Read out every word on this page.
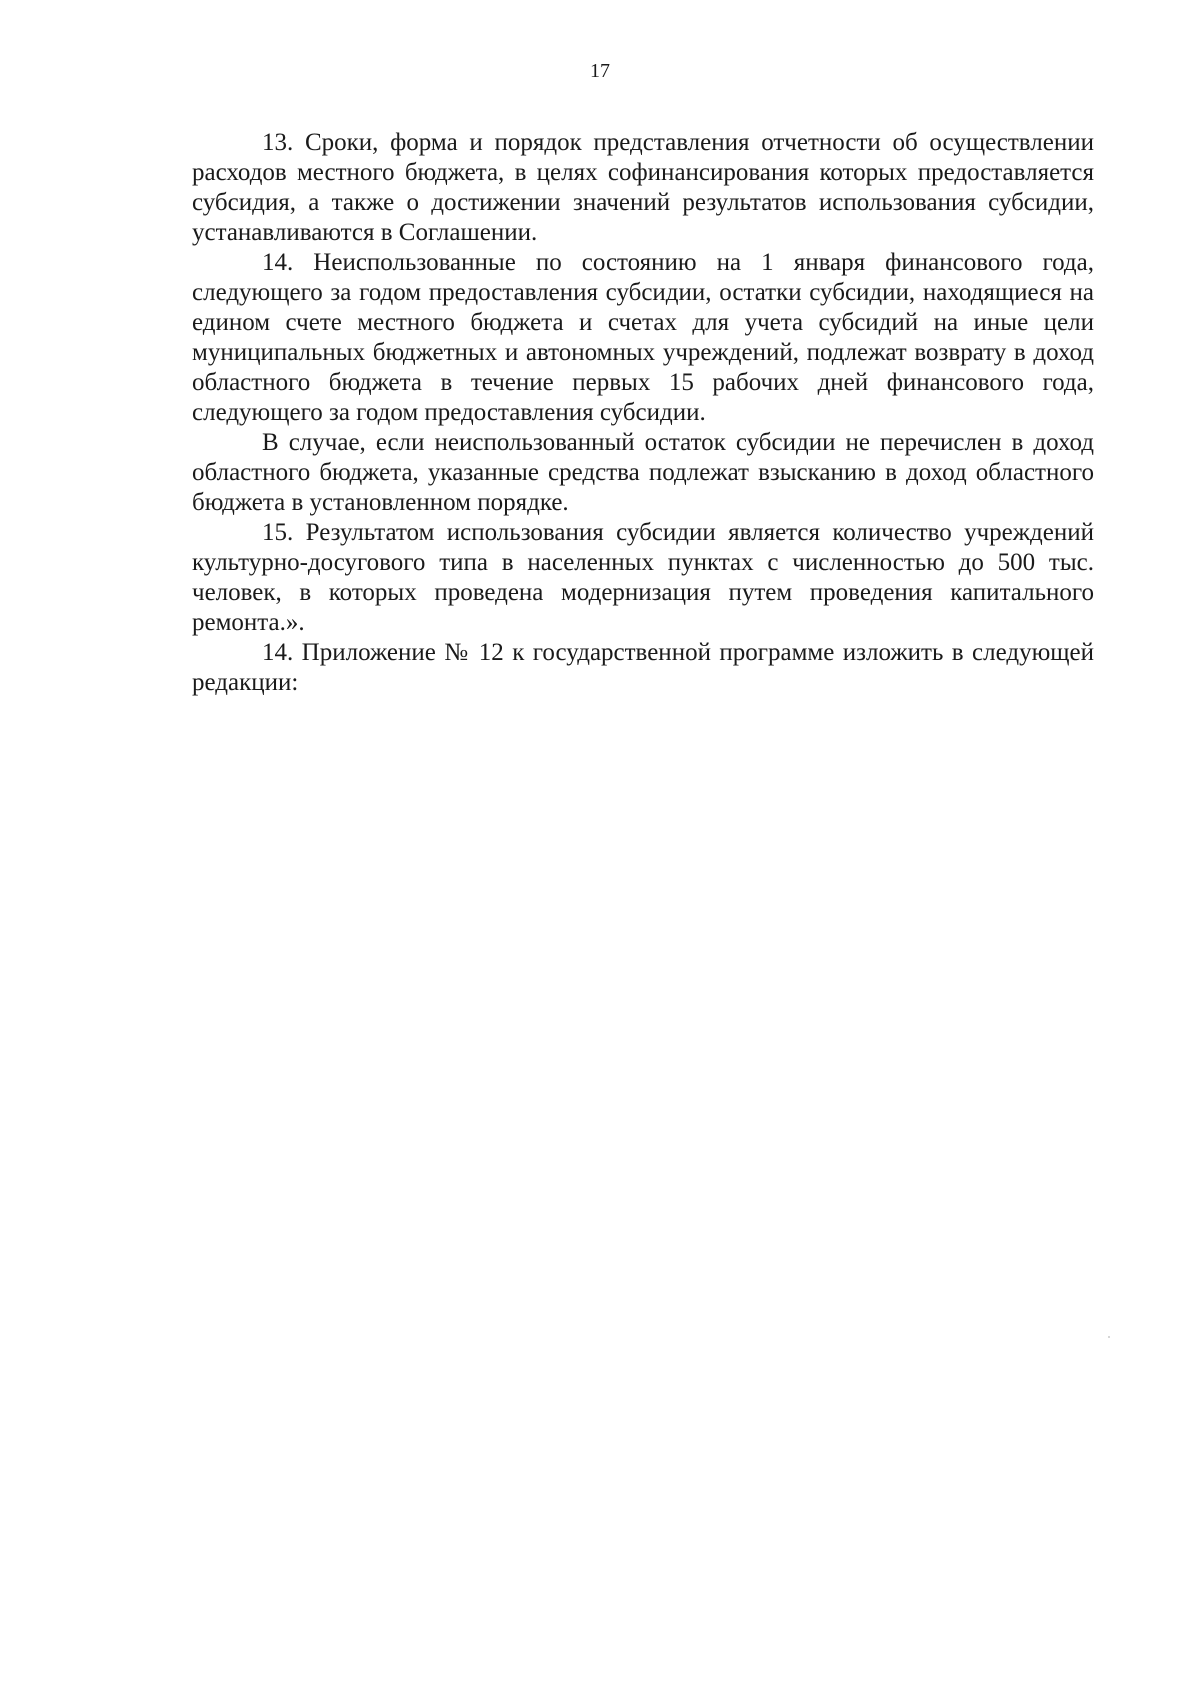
17

13. Сроки, форма и порядок представления отчетности об осуществлении расходов местного бюджета, в целях софинансирования которых предоставляется субсидия, а также о достижении значений результатов использования субсидии, устанавливаются в Соглашении.

14. Неиспользованные по состоянию на 1 января финансового года, следующего за годом предоставления субсидии, остатки субсидии, находящиеся на едином счете местного бюджета и счетах для учета субсидий на иные цели муниципальных бюджетных и автономных учреждений, подлежат возврату в доход областного бюджета в течение первых 15 рабочих дней финансового года, следующего за годом предоставления субсидии.

В случае, если неиспользованный остаток субсидии не перечислен в доход областного бюджета, указанные средства подлежат взысканию в доход областного бюджета в установленном порядке.

15. Результатом использования субсидии является количество учреждений культурно-досугового типа в населенных пунктах с численностью до 500 тыс. человек, в которых проведена модернизация путем проведения капитального ремонта.».

14. Приложение № 12 к государственной программе изложить в следующей редакции:
